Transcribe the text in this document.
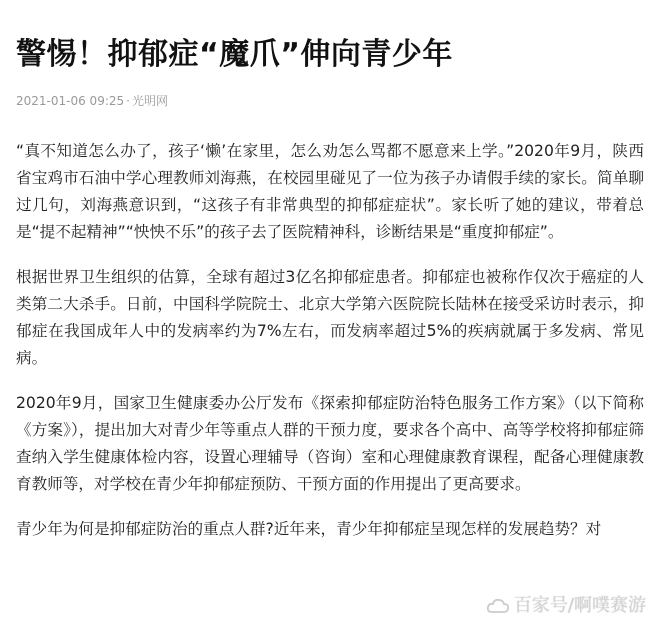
警惕！抑郁症“魔爪”伸向青少年
2021-01-06 09:25 · 光明网

“真不知道怎么办了，孩子‘懒’在家里，怎么劝怎么骂都不愿意来上学。”2020年9月，陕西省宝鸡市石油中学心理教师刘海燕，在校园里碰见了一位为孩子办请假手续的家长。简单聊过几句，刘海燕意识到，“这孩子有非常典型的抑郁症症状”。家长听了她的建议，带着总是“提不起精神”“怏怏不乐”的孩子去了医院精神科，诊断结果是“重度抑郁症”。

根据世界卫生组织的估算，全球有超过3亿名抑郁症患者。抑郁症也被称作仅次于癌症的人类第二大杀手。日前，中国科学院院士、北京大学第六医院院长陆林在接受采访时表示，抑郁症在我国成年人中的发病率约为7%左右，而发病率超过5%的疾病就属于多发病、常见病。

2020年9月，国家卫生健康委办公厅发布《探索抑郁症防治特色服务工作方案》（以下简称《方案》），提出加大对青少年等重点人群的干预力度，要求各个高中、高等学校将抑郁症筛查纳入学生健康体检内容，设置心理辅导（咨询）室和心理健康教育课程，配备心理健康教育教师等，对学校在青少年抑郁症预防、干预方面的作用提出了更高要求。

青少年为何是抑郁症防治的重点人群?近年来，青少年抑郁症呈现怎样的发展趋势？对

百家号/啊噗赛游
